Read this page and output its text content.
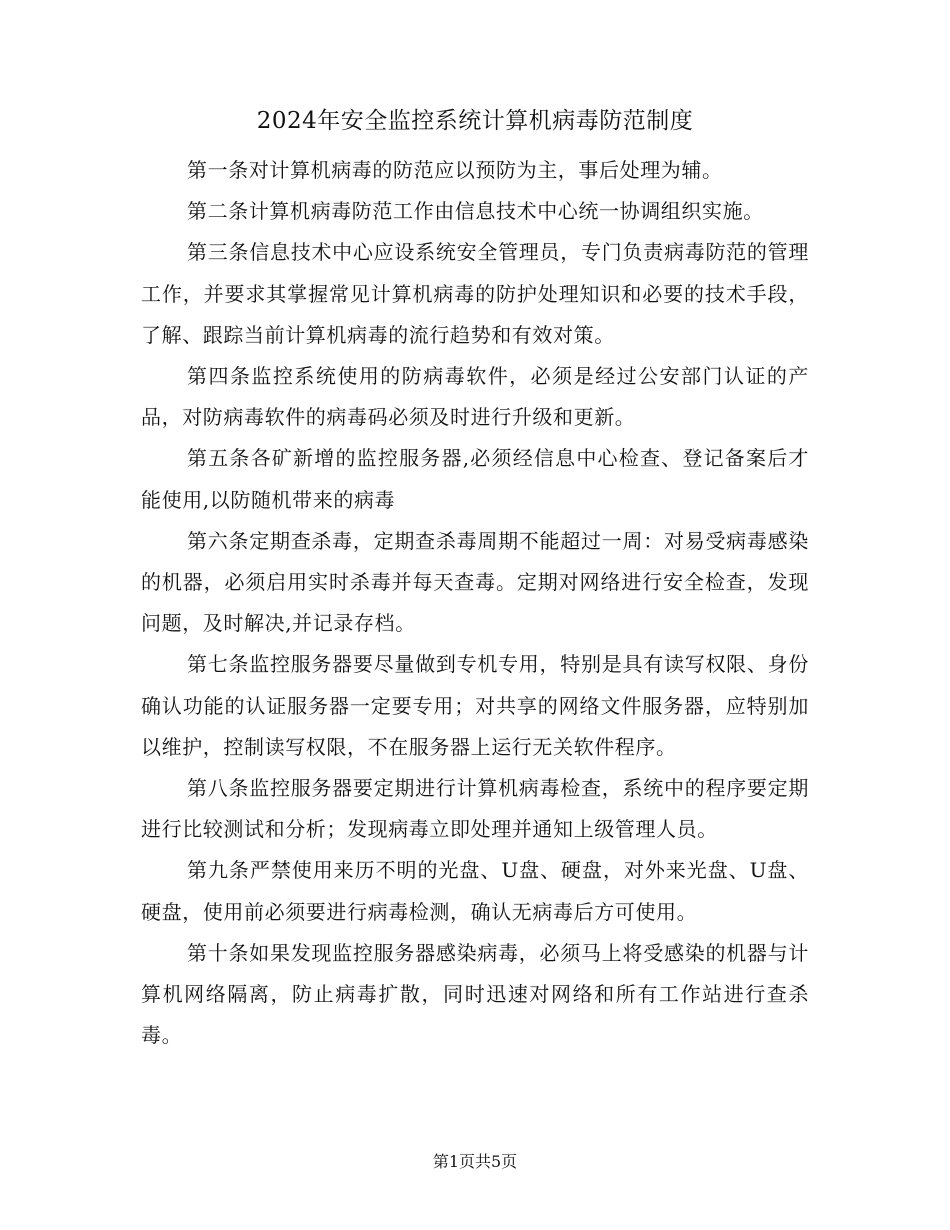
2024年安全监控系统计算机病毒防范制度

第一条对计算机病毒的防范应以预防为主，事后处理为辅。

第二条计算机病毒防范工作由信息技术中心统一协调组织实施。

第三条信息技术中心应设系统安全管理员，专门负责病毒防范的管理工作，并要求其掌握常见计算机病毒的防护处理知识和必要的技术手段，了解、跟踪当前计算机病毒的流行趋势和有效对策。

第四条监控系统使用的防病毒软件，必须是经过公安部门认证的产品，对防病毒软件的病毒码必须及时进行升级和更新。

第五条各矿新增的监控服务器,必须经信息中心检查、登记备案后才能使用,以防随机带来的病毒

第六条定期查杀毒，定期查杀毒周期不能超过一周：对易受病毒感染的机器，必须启用实时杀毒并每天查毒。定期对网络进行安全检查，发现问题，及时解决,并记录存档。

第七条监控服务器要尽量做到专机专用，特别是具有读写权限、身份确认功能的认证服务器一定要专用；对共享的网络文件服务器，应特别加以维护，控制读写权限，不在服务器上运行无关软件程序。

第八条监控服务器要定期进行计算机病毒检查，系统中的程序要定期进行比较测试和分析；发现病毒立即处理并通知上级管理人员。

第九条严禁使用来历不明的光盘、U盘、硬盘，对外来光盘、U盘、硬盘，使用前必须要进行病毒检测，确认无病毒后方可使用。

第十条如果发现监控服务器感染病毒，必须马上将受感染的机器与计算机网络隔离，防止病毒扩散，同时迅速对网络和所有工作站进行查杀毒。

第1页共5页
